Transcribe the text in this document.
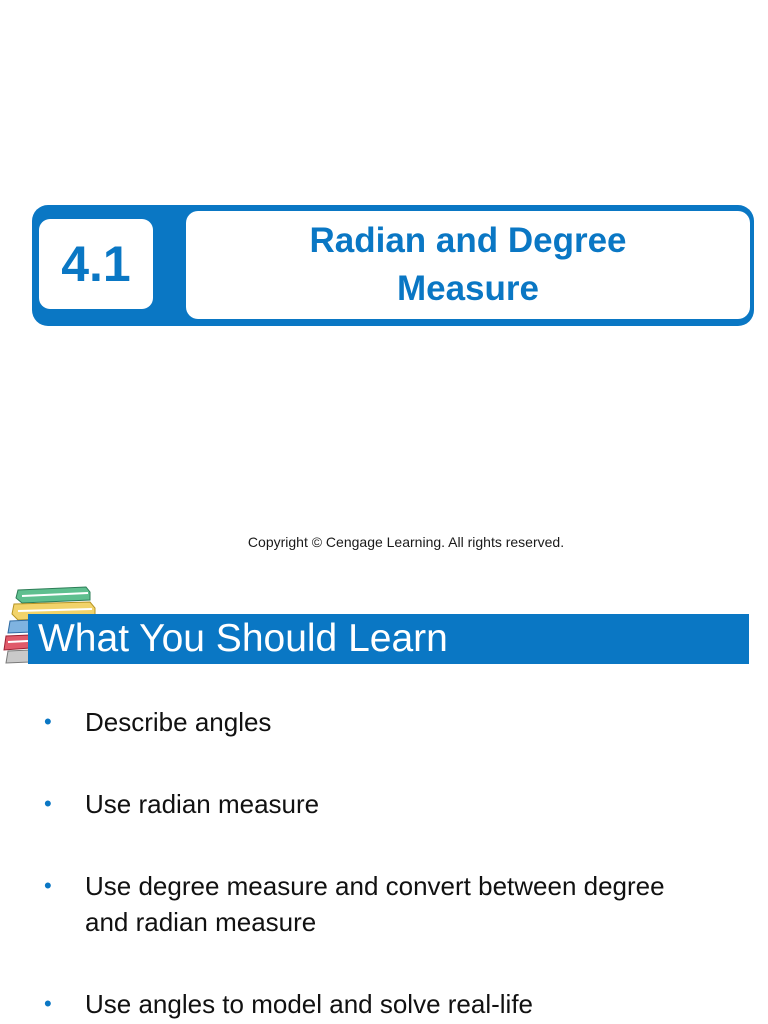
4.1	Radian and Degree
Measure
Copyright © Cengage Learning. All rights reserved.
What You Should Learn
• Describe angles
• Use radian measure
• Use degree measure and convert between degree and radian measure
• Use angles to model and solve real-life
